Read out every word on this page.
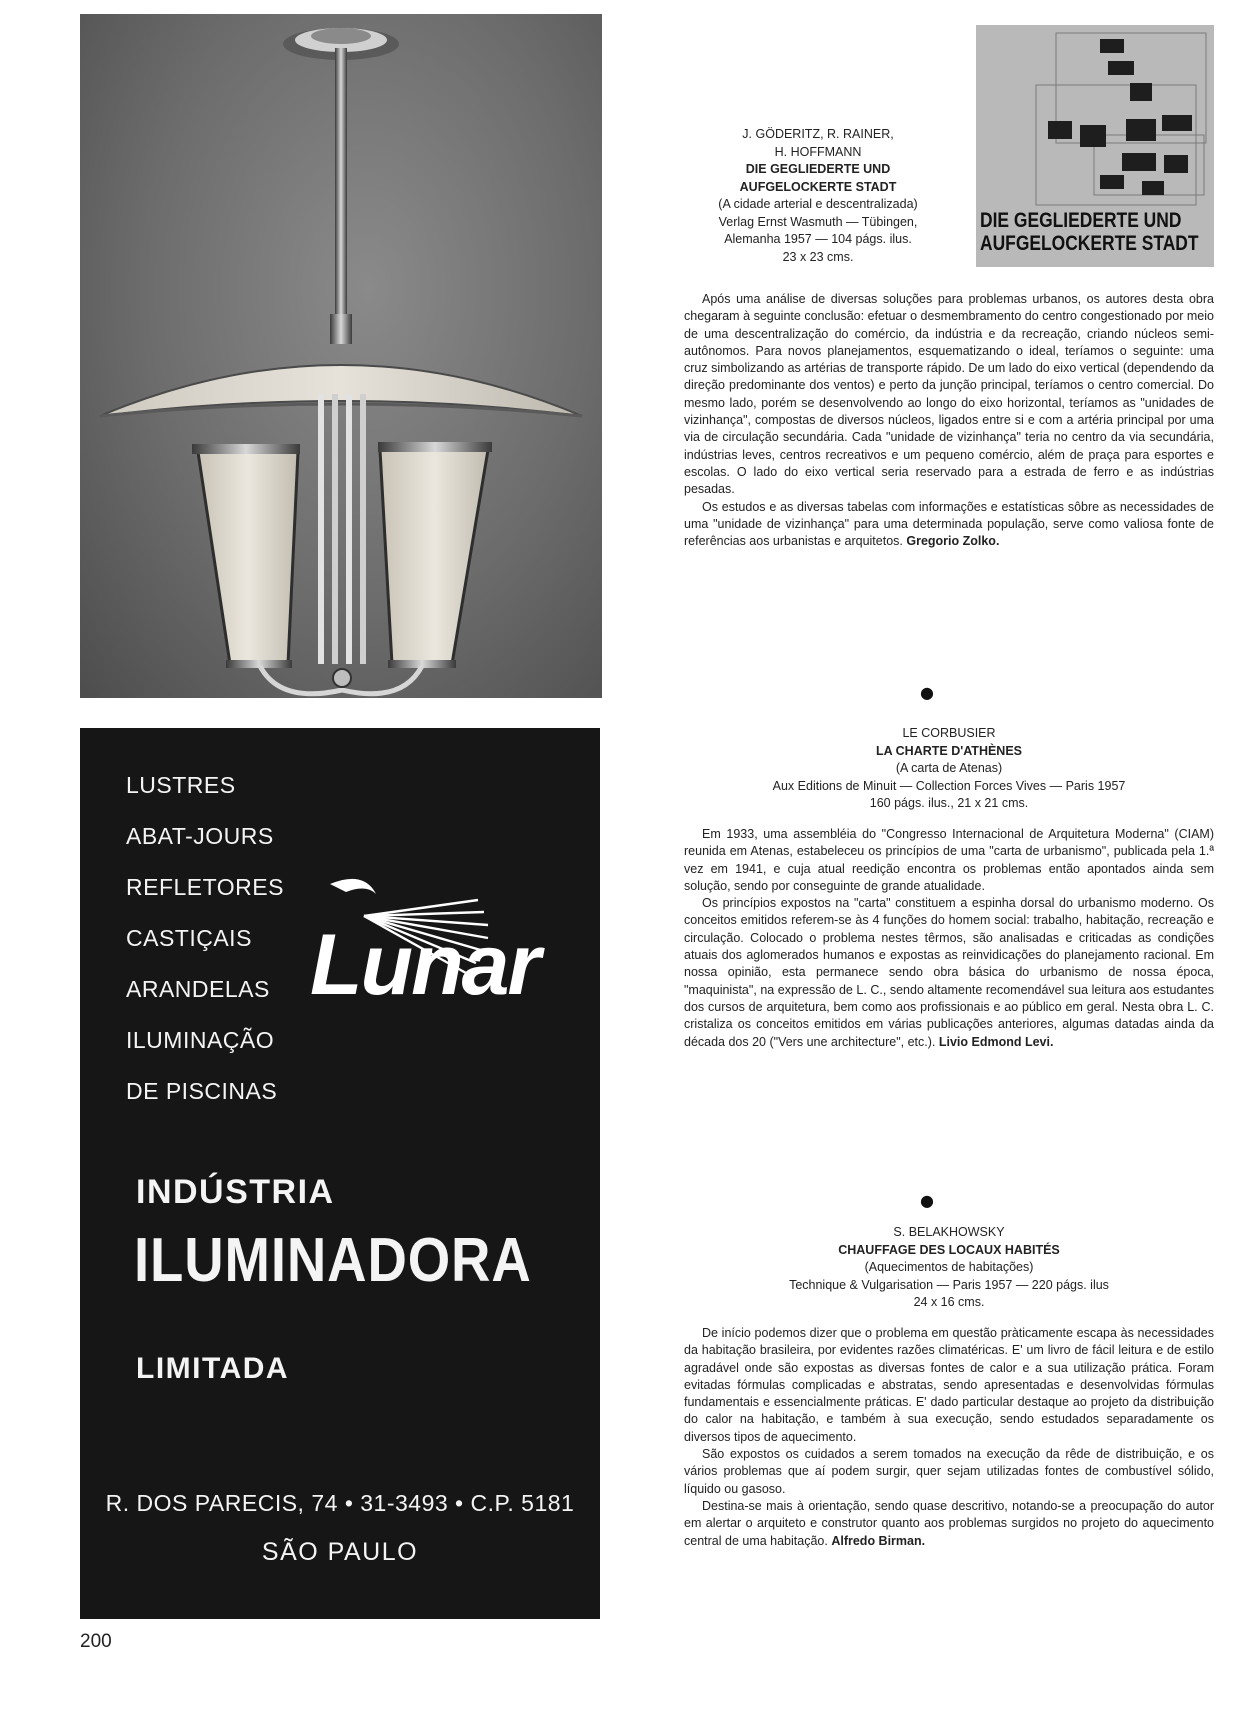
LUSTRES
ABAT-JOURS
REFLETORES
CASTIÇAIS
ARANDELAS
ILUMINAÇÃO
DE PISCINAS
Lunar
INDÚSTRIA
ILUMINADORA
LIMITADA
R. DOS PARECIS, 74 • 31-3493 • C.P. 5181
SÃO PAULO
200
DIE GEGLIEDERTE UND
AUFGELOCKERTE STADT
J. GÖDERITZ, R. RAINER,
H. HOFFMANN
DIE GEGLIEDERTE UND
AUFGELOCKERTE STADT
(A cidade arterial e descentralizada)
Verlag Ernst Wasmuth — Tübingen,
Alemanha 1957 — 104 págs. ilus.
23 x 23 cms.

Após uma análise de diversas soluções para problemas urbanos, os autores desta obra chegaram à seguinte conclusão: efetuar o desmembramento do centro congestionado por meio de uma descentralização do comércio, da indústria e da recreação, criando núcleos semi-autônomos. Para novos planejamentos, esquematizando o ideal, teríamos o seguinte: uma cruz simbolizando as artérias de transporte rápido. De um lado do eixo vertical (dependendo da direção predominante dos ventos) e perto da junção principal, teríamos o centro comercial. Do mesmo lado, porém se desenvolvendo ao longo do eixo horizontal, teríamos as "unidades de vizinhança", compostas de diversos núcleos, ligados entre si e com a artéria principal por uma via de circulação secundária. Cada "unidade de vizinhança" teria no centro da via secundária, indústrias leves, centros recreativos e um pequeno comércio, além de praça para esportes e escolas. O lado do eixo vertical seria reservado para a estrada de ferro e as indústrias pesadas.

Os estudos e as diversas tabelas com informações e estatísticas sôbre as necessidades de uma "unidade de vizinhança" para uma determinada população, serve como valiosa fonte de referências aos urbanistas e arquitetos. Gregorio Zolko.

●
LE CORBUSIER
LA CHARTE D'ATHÈNES
(A carta de Atenas)
Aux Editions de Minuit — Collection Forces Vives — Paris 1957
160 págs. ilus., 21 x 21 cms.

Em 1933, uma assembléia do "Congresso Internacional de Arquitetura Moderna" (CIAM) reunida em Atenas, estabeleceu os princípios de uma "carta de urbanismo", publicada pela 1.ª vez em 1941, e cuja atual reedição encontra os problemas então apontados ainda sem solução, sendo por conseguinte de grande atualidade.

Os princípios expostos na "carta" constituem a espinha dorsal do urbanismo moderno. Os conceitos emitidos referem-se às 4 funções do homem social: trabalho, habitação, recreação e circulação. Colocado o problema nestes têrmos, são analisadas e criticadas as condições atuais dos aglomerados humanos e expostas as reinvidicações do planejamento racional. Em nossa opinião, esta permanece sendo obra básica do urbanismo de nossa época, "maquinista", na expressão de L. C., sendo altamente recomendável sua leitura aos estudantes dos cursos de arquitetura, bem como aos profissionais e ao público em geral. Nesta obra L. C. cristaliza os conceitos emitidos em várias publicações anteriores, algumas datadas ainda da década dos 20 ("Vers une architecture", etc.). Livio Edmond Levi.

●
S. BELAKHOWSKY
CHAUFFAGE DES LOCAUX HABITÉS
(Aquecimentos de habitações)
Technique & Vulgarisation — Paris 1957 — 220 págs. ilus
24 x 16 cms.

De início podemos dizer que o problema em questão pràticamente escapa às necessidades da habitação brasileira, por evidentes razões climatéricas. E' um livro de fácil leitura e de estilo agradável onde são expostas as diversas fontes de calor e a sua utilização prática. Foram evitadas fórmulas complicadas e abstratas, sendo apresentadas e desenvolvidas fórmulas fundamentais e essencialmente práticas. E' dado particular destaque ao projeto da distribuição do calor na habitação, e também à sua execução, sendo estudados separadamente os diversos tipos de aquecimento.

São expostos os cuidados a serem tomados na execução da rêde de distribuição, e os vários problemas que aí podem surgir, quer sejam utilizadas fontes de combustível sólido, líquido ou gasoso.

Destina-se mais à orientação, sendo quase descritivo, notando-se a preocupação do autor em alertar o arquiteto e construtor quanto aos problemas surgidos no projeto do aquecimento central de uma habitação. Alfredo Birman.
